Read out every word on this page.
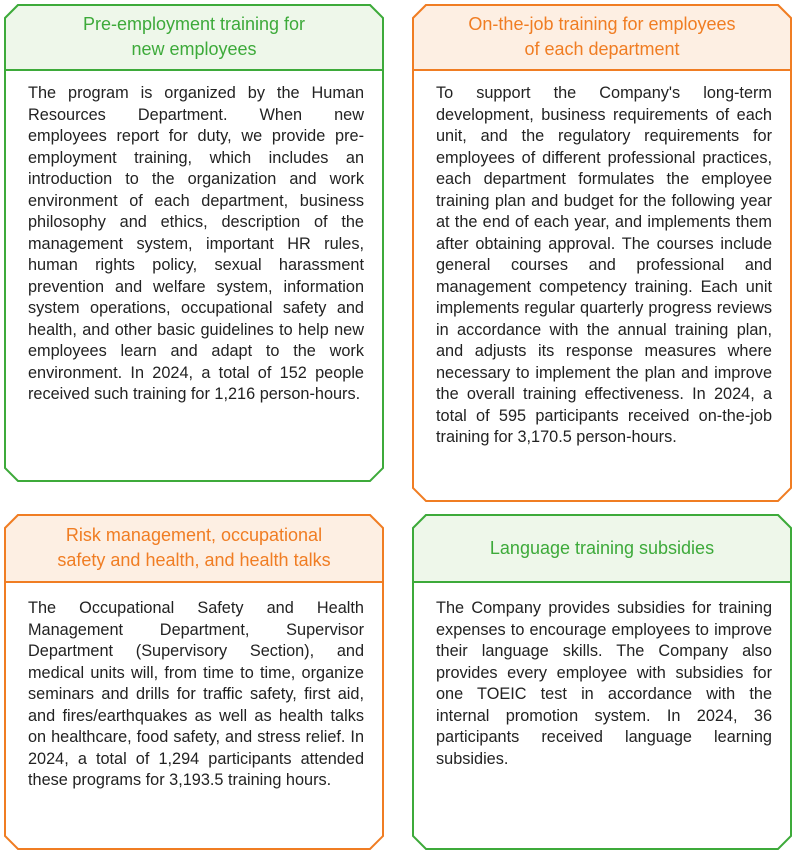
Pre-employment training for
new employees

The program is organized by the Human Resources Department. When new employees report for duty, we provide pre-employment training, which includes an introduction to the organization and work environment of each department, business philosophy and ethics, description of the management system, important HR rules, human rights policy, sexual harassment prevention and welfare system, information system operations, occupational safety and health, and other basic guidelines to help new employees learn and adapt to the work environment. In 2024, a total of 152 people received such training for 1,216 person-hours.

On-the-job training for employees
of each department

To support the Company's long-term development, business requirements of each unit, and the regulatory requirements for employees of different professional practices, each department formulates the employee training plan and budget for the following year at the end of each year, and implements them after obtaining approval. The courses include general courses and professional and management competency training. Each unit implements regular quarterly progress reviews in accordance with the annual training plan, and adjusts its response measures where necessary to implement the plan and improve the overall training effectiveness. In 2024, a total of 595 participants received on-the-job training for 3,170.5 person-hours.

Risk management, occupational
safety and health, and health talks

The Occupational Safety and Health Management Department, Supervisor Department (Supervisory Section), and medical units will, from time to time, organize seminars and drills for traffic safety, first aid, and fires/earthquakes as well as health talks on healthcare, food safety, and stress relief. In 2024, a total of 1,294 participants attended these programs for 3,193.5 training hours.

Language training subsidies

The Company provides subsidies for training expenses to encourage employees to improve their language skills. The Company also provides every employee with subsidies for one TOEIC test in accordance with the internal promotion system. In 2024, 36 participants received language learning subsidies.
